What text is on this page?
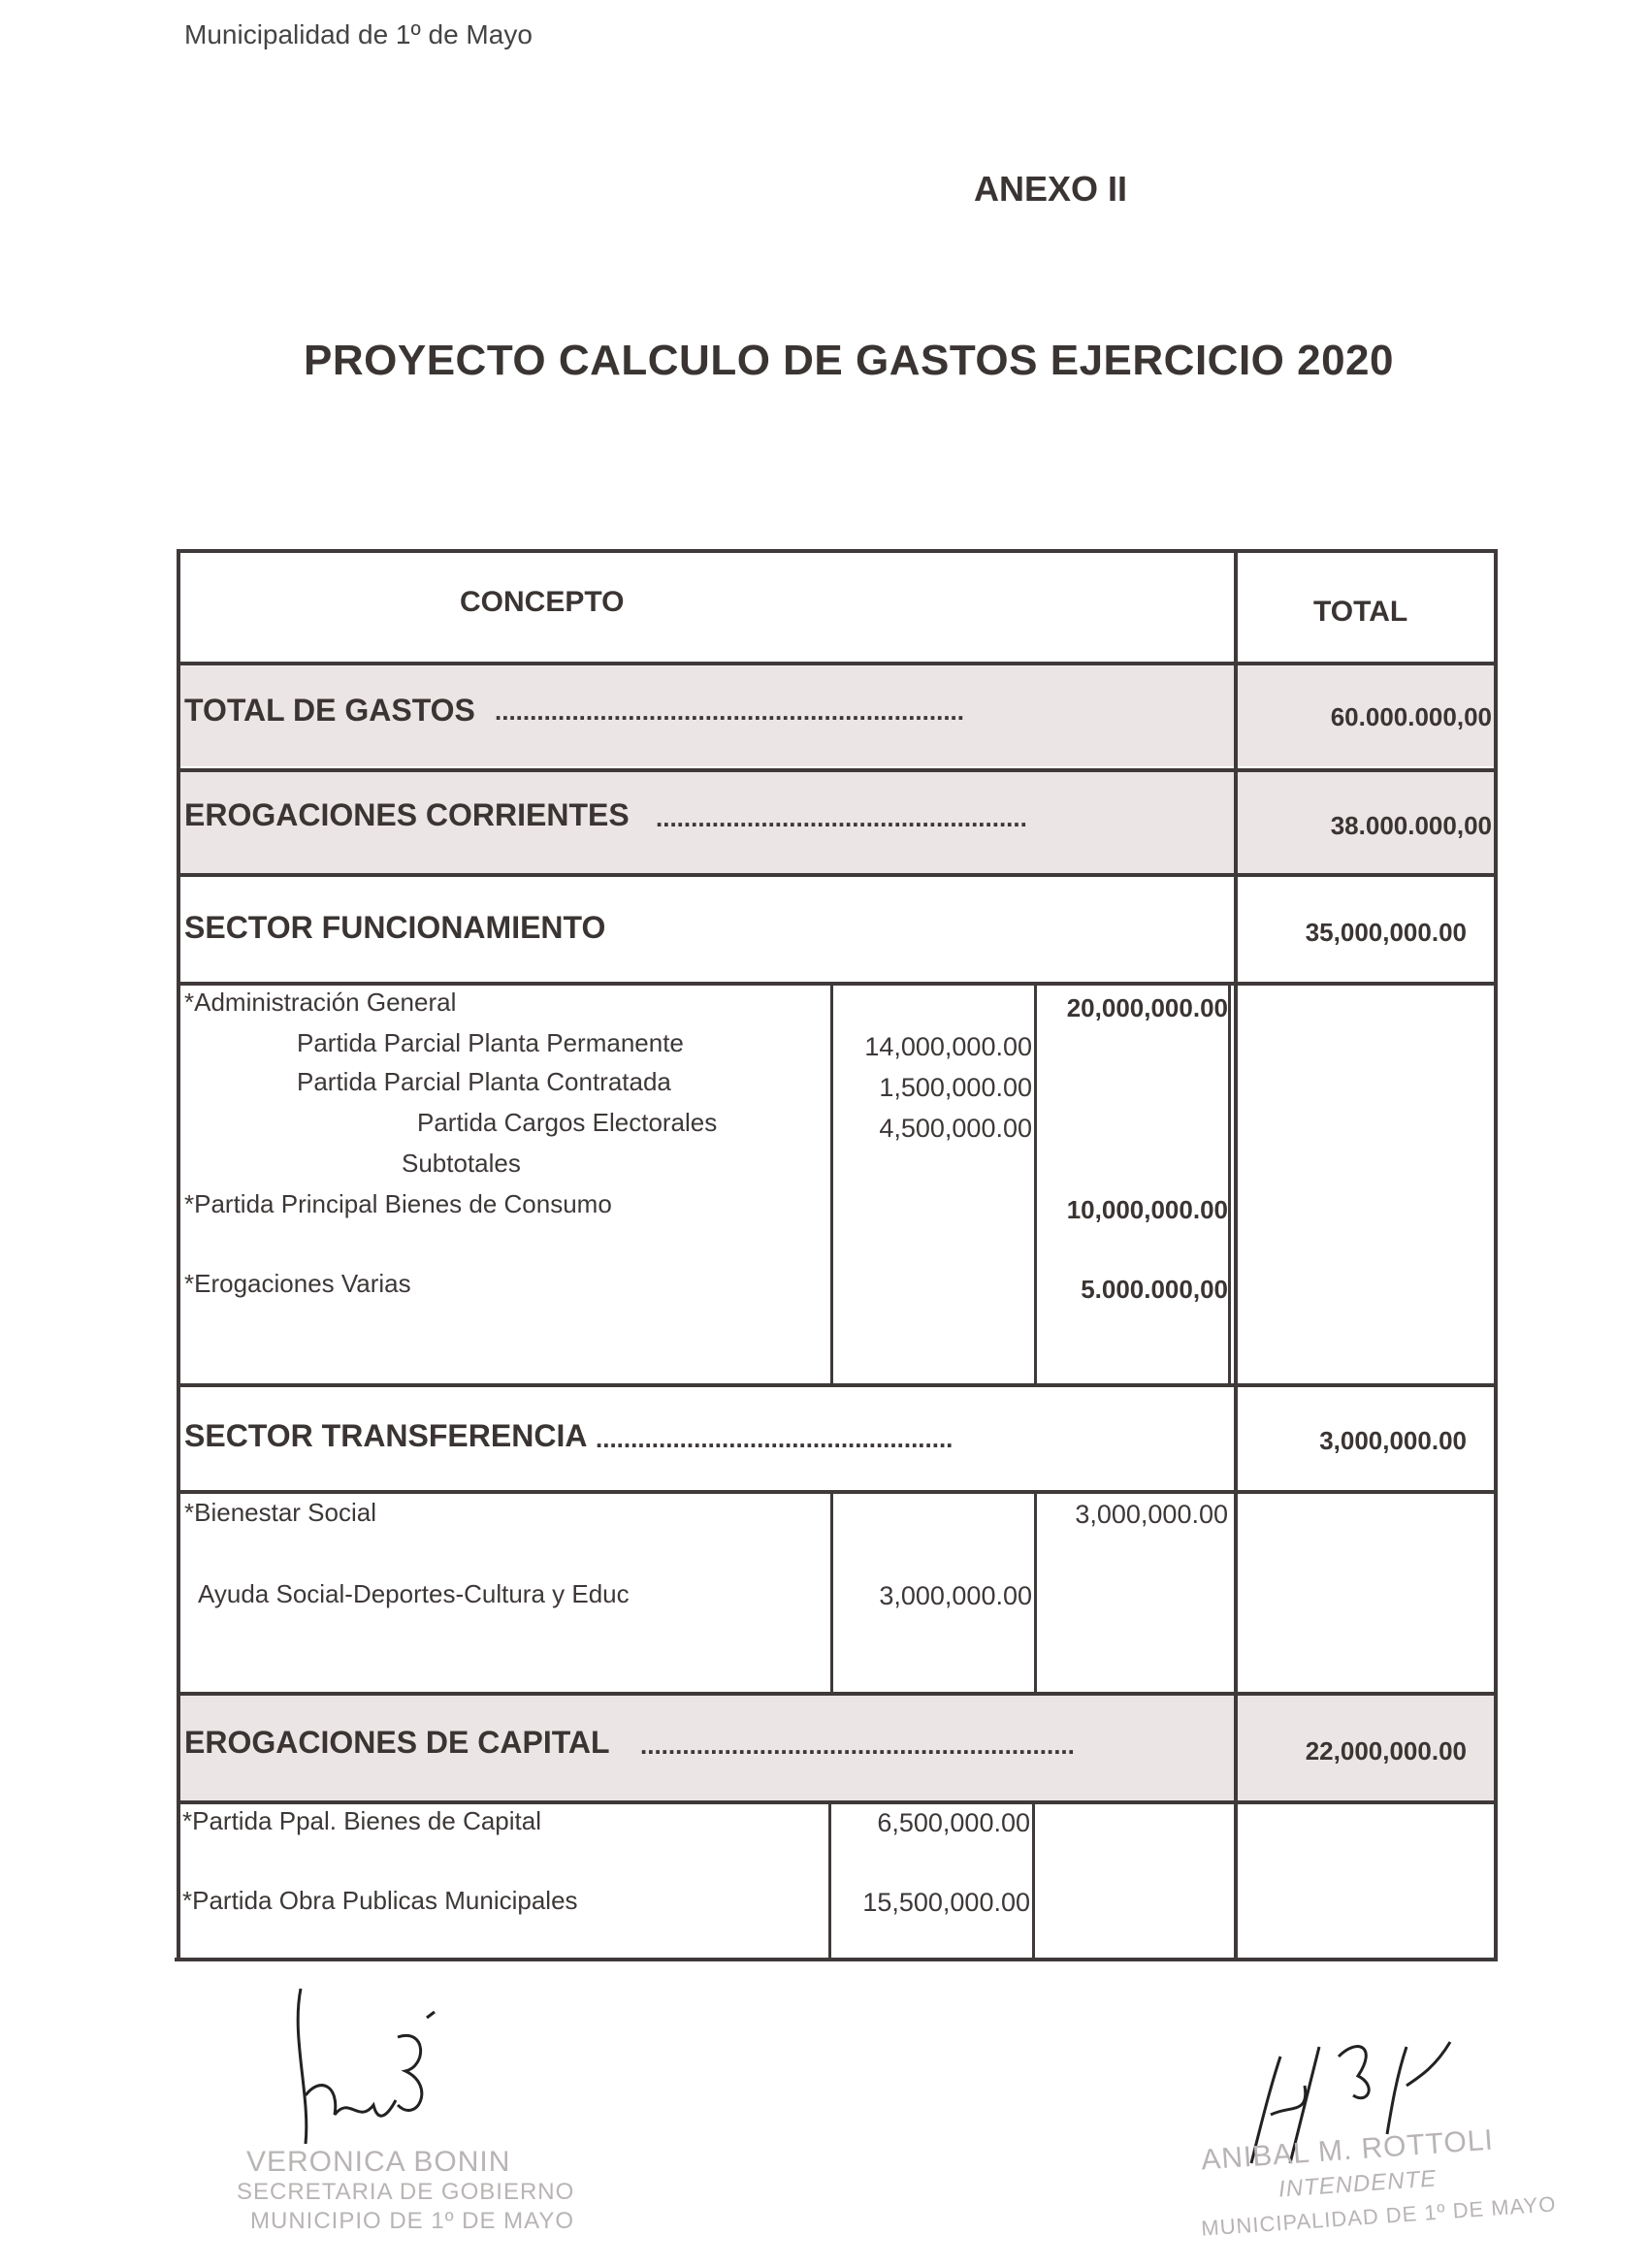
Municipalidad de 1º de Mayo
ANEXO II
PROYECTO CALCULO DE GASTOS EJERCICIO 2020
CONCEPTO	TOTAL
TOTAL DE GASTOS ...................................................................	60.000.000,00
EROGACIONES CORRIENTES .....................................................	38.000.000,00
SECTOR FUNCIONAMIENTO	35,000,000.00
*Administración General	20,000,000.00
Partida Parcial Planta Permanente	14,000,000.00
Partida Parcial Planta Contratada	1,500,000.00
Partida Cargos Electorales	4,500,000.00
Subtotales
*Partida Principal Bienes de Consumo	10,000,000.00
*Erogaciones Varias	5.000.000,00
SECTOR TRANSFERENCIA ...................................................	3,000,000.00
*Bienestar Social	3,000,000.00
Ayuda Social-Deportes-Cultura y Educ	3,000,000.00
EROGACIONES DE CAPITAL ..............................................................	22,000,000.00
*Partida Ppal. Bienes de Capital	6,500,000.00
*Partida Obra Publicas Municipales	15,500,000.00
VERONICA BONIN
SECRETARIA DE GOBIERNO
MUNICIPIO DE 1º DE MAYO
ANIBAL M. ROTTOLI
INTENDENTE
MUNICIPALIDAD DE 1º DE MAYO
